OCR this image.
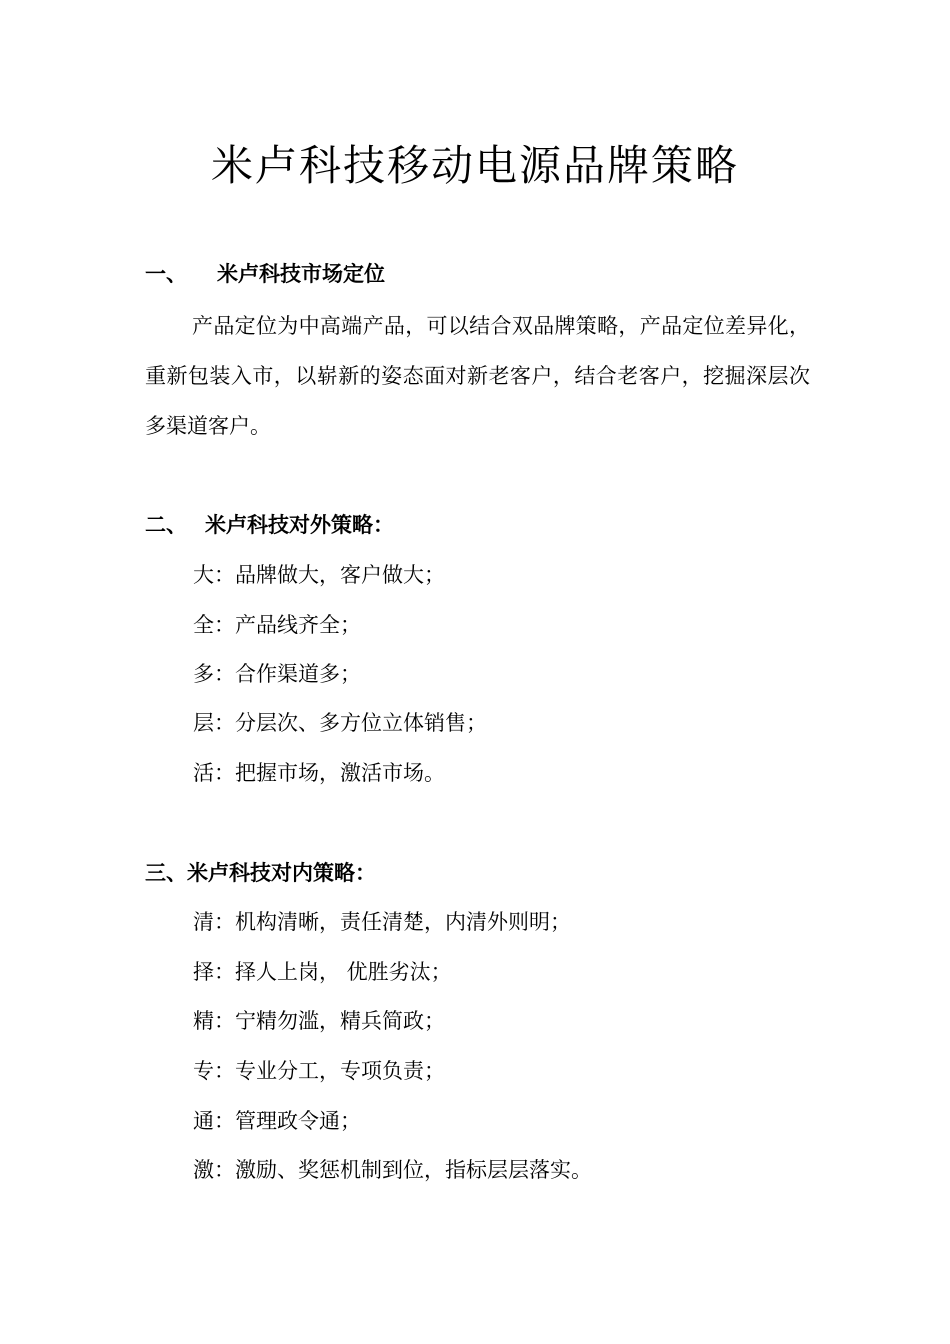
米卢科技移动电源品牌策略
一、 米卢科技市场定位
产品定位为中高端产品，可以结合双品牌策略，产品定位差异化，重新包装入市，以崭新的姿态面对新老客户，结合老客户，挖掘深层次多渠道客户。
二、 米卢科技对外策略：
大：品牌做大，客户做大；
全：产品线齐全；
多：合作渠道多；
层：分层次、多方位立体销售；
活：把握市场，激活市场。
三、米卢科技对内策略：
清：机构清晰，责任清楚，内清外则明；
择：择人上岗， 优胜劣汰；
精：宁精勿滥，精兵简政；
专：专业分工，专项负责；
通：管理政令通；
激：激励、奖惩机制到位，指标层层落实。
